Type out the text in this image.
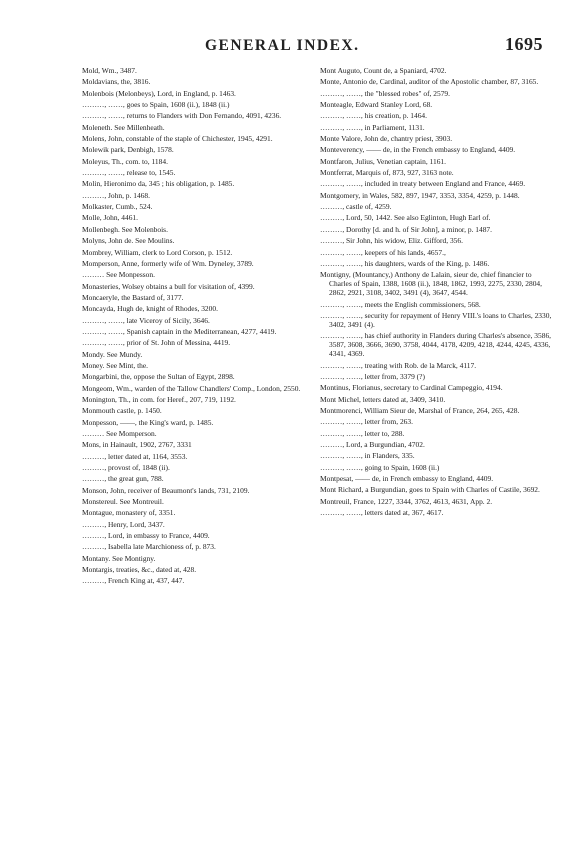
GENERAL INDEX.	1695
Mold, Wm., 3487.
Moldavians, the, 3816.
Molenbois (Melonbeys), Lord, in England, p. 1463.
………, ……, goes to Spain, 1608 (ii.), 1848 (ii.)
………, ……, returns to Flanders with Don Fernando, 4091, 4236.
Moleneth. See Millenheath.
Molens, John, constable of the staple of Chichester, 1945, 4291.
Molewik park, Denbigh, 1578.
Moleyus, Th., com. to, 1184.
………, ……, release to, 1545.
Molin, Hieronimo da, 345 ; his obligation, p. 1485.
………, John, p. 1468.
Molkaster, Cumb., 524.
Molle, John, 4461.
Mollenbegh. See Molenbois.
Molyns, John de. See Moulins.
Mombrey, William, clerk to Lord Corson, p. 1512.
Momperson, Anne, formerly wife of Wm. Dyneley, 3789.
……… See Monpesson.
Monasteries, Wolsey obtains a bull for visitation of, 4399.
Moncaeryle, the Bastard of, 3177.
Moncayda, Hugh de, knight of Rhodes, 3200.
………, ……, late Viceroy of Sicily, 3646.
………, ……, Spanish captain in the Mediterranean, 4277, 4419.
………, ……, prior of St. John of Messina, 4419.
Mondy. See Mundy.
Money. See Mint, the.
Mongarbini, the, oppose the Sultan of Egypt, 2898.
Mongeom, Wm., warden of the Tallow Chandlers' Comp., London, 2550.
Monington, Th., in com. for Heref., 207, 719, 1192.
Monmouth castle, p. 1450.
Monpesson, ——, the King's ward, p. 1485.
……… See Momperson.
Mons, in Hainault, 1902, 2767, 3331
………, letter dated at, 1164, 3553.
………, provost of, 1848 (ii).
………, the great gun, 788.
Monson, John, receiver of Beaumont's lands, 731, 2109.
Monstereul. See Montreuil.
Montague, monastery of, 3351.
………, Henry, Lord, 3437.
………, Lord, in embassy to France, 4409.
………, Isabella late Marchioness of, p. 873.
Montany. See Montigny.
Montargis, treaties, &c., dated at, 428.
………, French King at, 437, 447.
Mont Auguto, Count de, a Spaniard, 4702.
Monte, Antonio de, Cardinal, auditor of the Apostolic chamber, 87, 3165.
………, ……, the "blessed robes" of, 2579.
Monteagle, Edward Stanley Lord, 68.
………, ……, his creation, p. 1464.
………, ……, in Parliament, 1131.
Monte Valore, John de, chantry priest, 3903.
Monteverency, —— de, in the French embassy to England, 4409.
Montfaron, Julius, Venetian captain, 1161.
Montferrat, Marquis of, 873, 927, 3163 note.
………, ……, included in treaty between England and France, 4469.
Montgomery, in Wales, 582, 897, 1947, 3353, 3354, 4259, p. 1448.
………, castle of, 4259.
………, Lord, 50, 1442. See also Eglinton, Hugh Earl of.
………, Dorothy [d. and h. of Sir John], a minor, p. 1487.
………, Sir John, his widow, Eliz. Gifford, 356.
………, ……, keepers of his lands, 4657.,
………, ……, his daughters, wards of the King, p. 1486.
Montigny, (Mountancy,) Anthony de Lalain, sieur de, chief financier to Charles of Spain, 1388, 1608 (ii.), 1848, 1862, 1993, 2275, 2330, 2804, 2862, 2921, 3108, 3402, 3491 (4), 3647, 4544.
………, ……, meets the English commissioners, 568.
………, ……, security for repayment of Henry VIII.'s loans to Charles, 2330, 3402, 3491 (4).
………, ……, has chief authority in Flanders during Charles's absence, 3586, 3587, 3608, 3666, 3690, 3758, 4044, 4178, 4209, 4218, 4244, 4245, 4336, 4341, 4369.
………, ……, treating with Rob. de la Marck, 4117.
………, ……, letter from, 3379 (?)
Montinus, Florianus, secretary to Cardinal Campeggio, 4194.
Mont Michel, letters dated at, 3409, 3410.
Montmorenci, William Sieur de, Marshal of France, 264, 265, 428.
………, ……, letter from, 263.
………, ……, letter to, 288.
………, Lord, a Burgundian, 4702.
………, ……, in Flanders, 335.
………, ……, going to Spain, 1608 (ii.)
Montpesat, —— de, in French embassy to England, 4409.
Mont Richard, a Burgundian, goes to Spain with Charles of Castile, 3692.
Montreuil, France, 1227, 3344, 3762, 4613, 4631, App. 2.
………, ……, letters dated at, 367, 4617.
